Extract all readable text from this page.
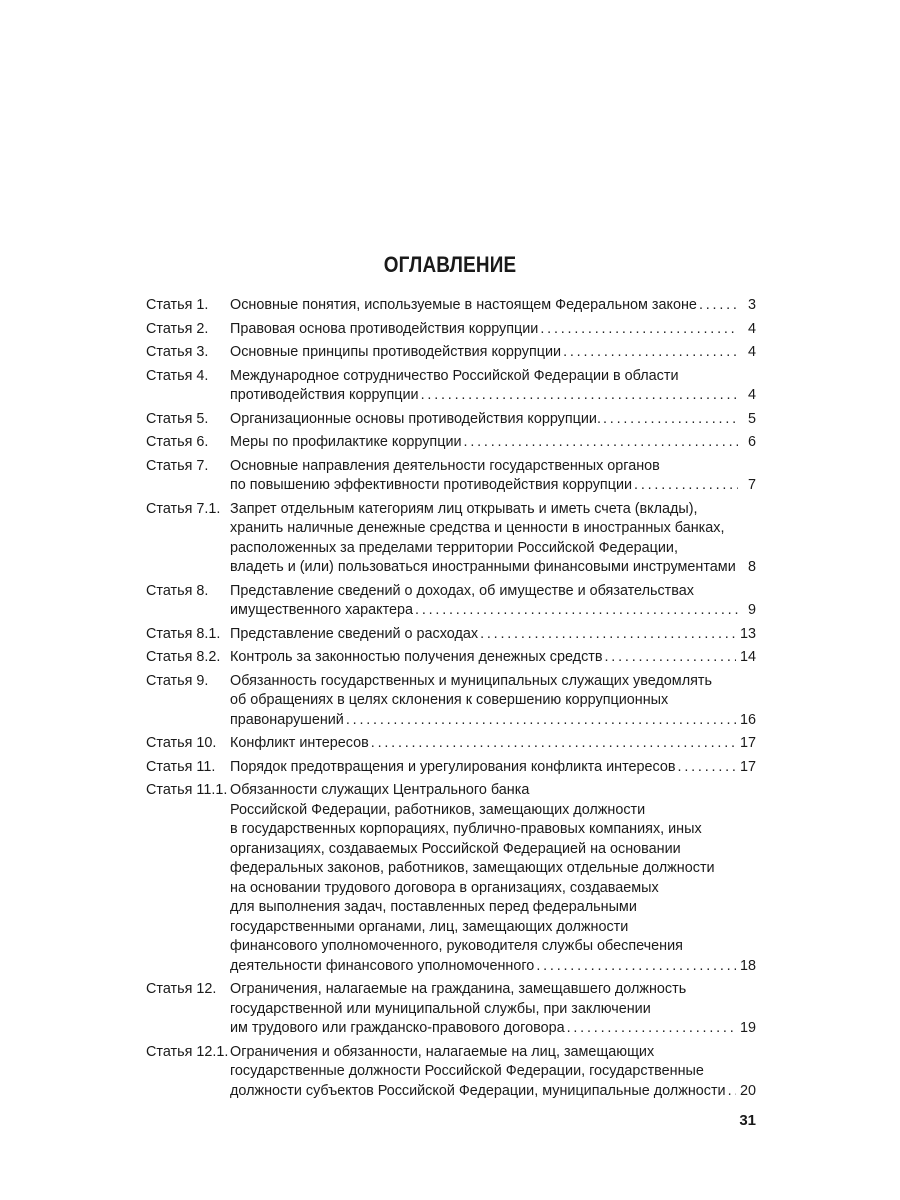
ОГЛАВЛЕНИЕ
Статья 1.	Основные понятия, используемые в настоящем Федеральном законе . . .	3
Статья 2.	Правовая основа противодействия коррупции . . .	4
Статья 3.	Основные принципы противодействия коррупции . . .	4
Статья 4.	Международное сотрудничество Российской Федерации в области
противодействия коррупции . . .	4
Статья 5.	Организационные основы противодействия коррупции. . . .	5
Статья 6.	Меры по профилактике коррупции . . .	6
Статья 7.	Основные направления деятельности государственных органов
по повышению эффективности противодействия коррупции . . .	7
Статья 7.1. Запрет отдельным категориям лиц открывать и иметь счета (вклады),
хранить наличные денежные средства и ценности в иностранных банках,
расположенных за пределами территории Российской Федерации,
владеть и (или) пользоваться иностранными финансовыми инструментами . . . 8
Статья 8.	Представление сведений о доходах, об имуществе и обязательствах
имущественного характера . . .	9
Статья 8.1. Представление сведений о расходах . . .	13
Статья 8.2. Контроль за законностью получения денежных средств . . .	14
Статья 9.	Обязанность государственных и муниципальных служащих уведомлять
об обращениях в целях склонения к совершению коррупционных
правонарушений . . .	16
Статья 10. Конфликт интересов . . .	17
Статья 11.	Порядок предотвращения и урегулирования конфликта интересов . . .	17
Статья 11.1. Обязанности служащих Центрального банка
Российской Федерации, работников, замещающих должности
в государственных корпорациях, публично-правовых компаниях, иных
организациях, создаваемых Российской Федерацией на основании
федеральных законов, работников, замещающих отдельные должности
на основании трудового договора в организациях, создаваемых
для выполнения задач, поставленных перед федеральными
государственными органами, лиц, замещающих должности
финансового уполномоченного, руководителя службы обеспечения
деятельности финансового уполномоченного . . .	18
Статья 12. Ограничения, налагаемые на гражданина, замещавшего должность
государственной или муниципальной службы, при заключении
им трудового или гражданско-правового договора . . .	19
Статья 12.1. Ограничения и обязанности, налагаемые на лиц, замещающих
государственные должности Российской Федерации, государственные
должности субъектов Российской Федерации, муниципальные должности . . . 20
31
